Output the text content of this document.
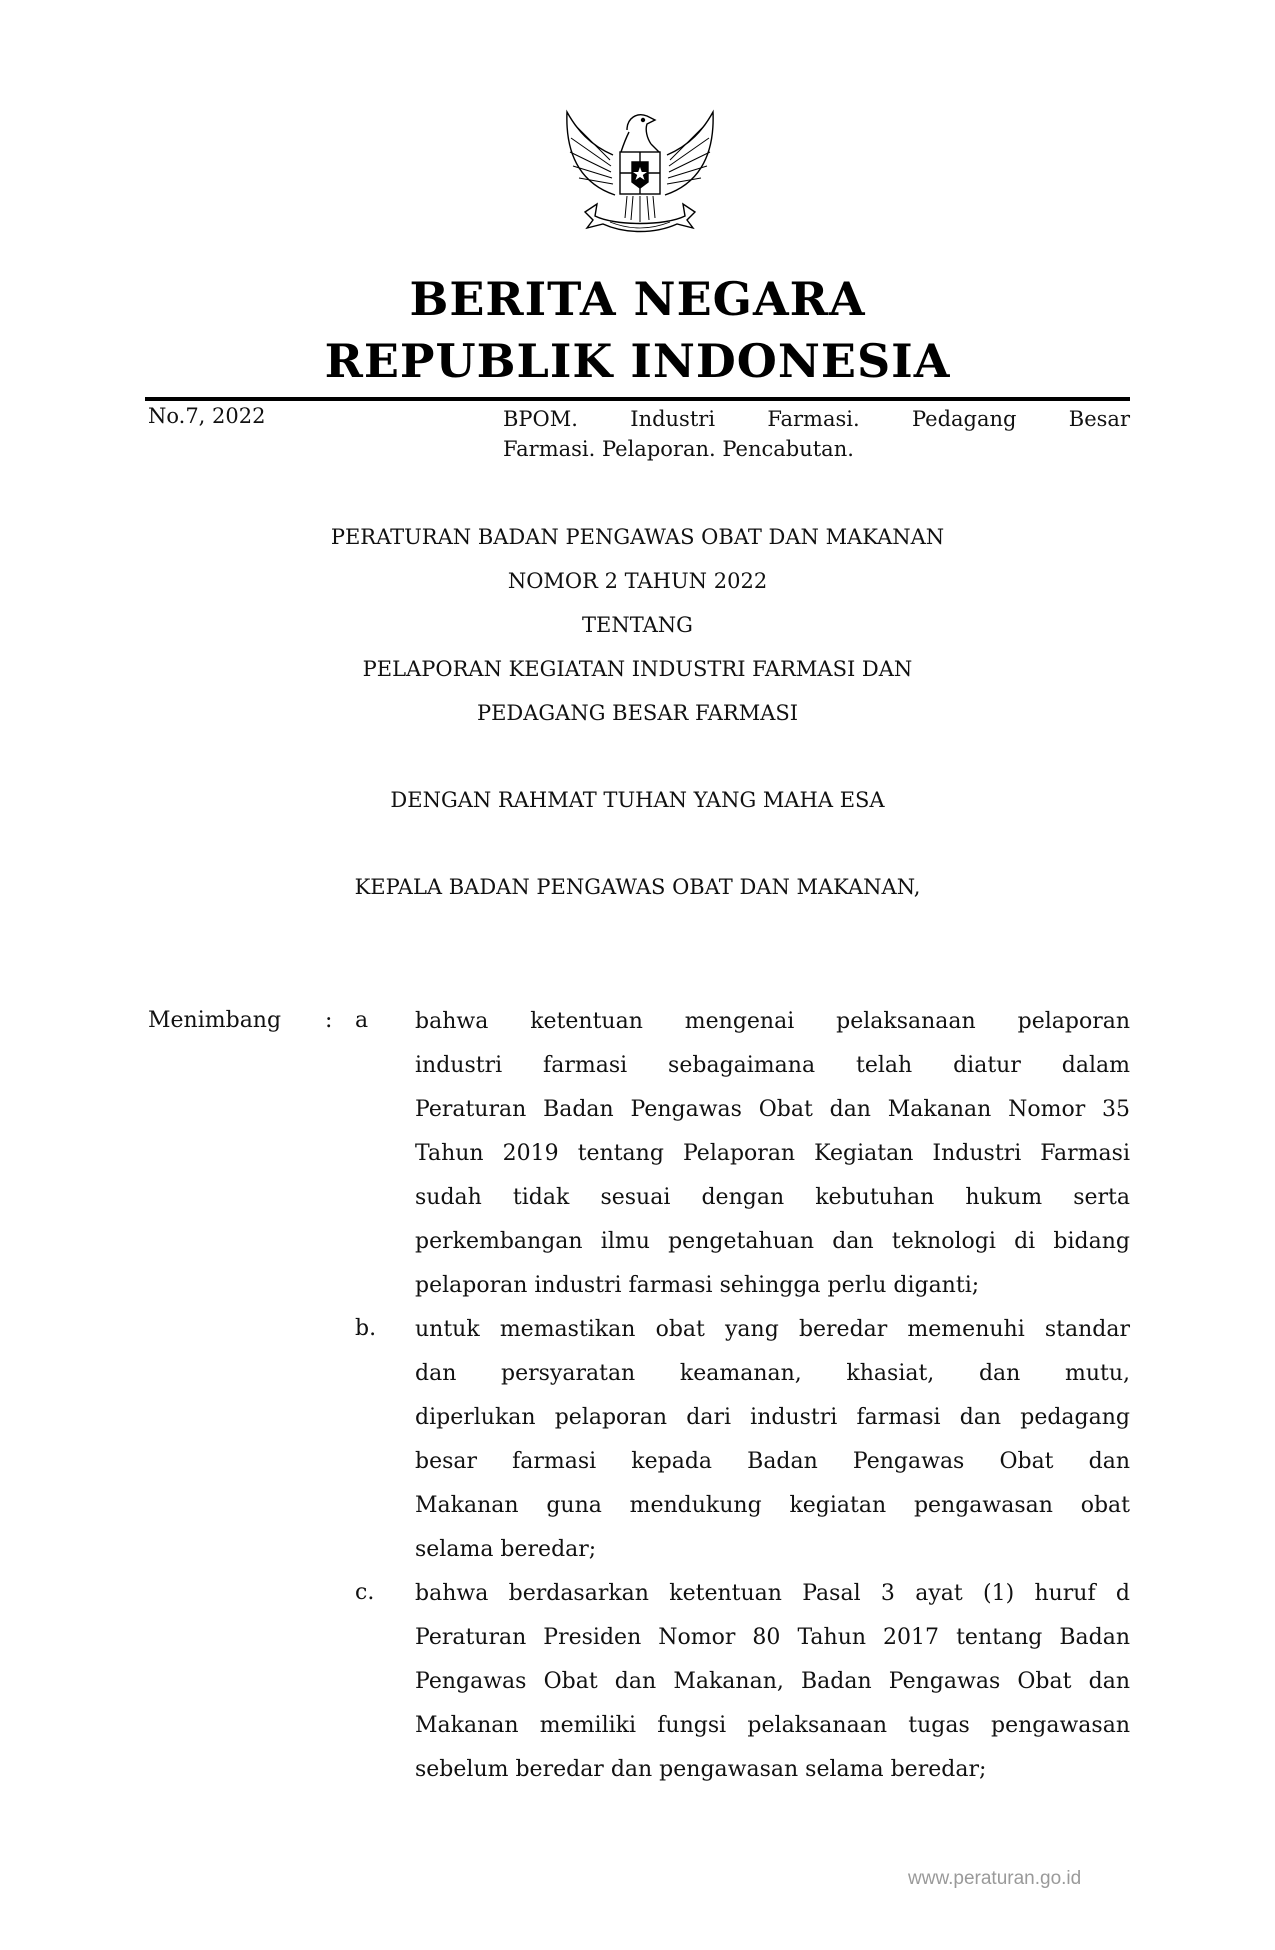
BERITA NEGARA
REPUBLIK INDONESIA
No.7, 2022	BPOM. Industri Farmasi. Pedagang Besar
Farmasi. Pelaporan. Pencabutan.
PERATURAN BADAN PENGAWAS OBAT DAN MAKANAN
NOMOR 2 TAHUN 2022
TENTANG
PELAPORAN KEGIATAN INDUSTRI FARMASI DAN
PEDAGANG BESAR FARMASI
DENGAN RAHMAT TUHAN YANG MAHA ESA
KEPALA BADAN PENGAWAS OBAT DAN MAKANAN,
Menimbang : a bahwa ketentuan mengenai pelaksanaan pelaporan
industri farmasi sebagaimana telah diatur dalam
Peraturan Badan Pengawas Obat dan Makanan Nomor 35
Tahun 2019 tentang Pelaporan Kegiatan Industri Farmasi
sudah tidak sesuai dengan kebutuhan hukum serta
perkembangan ilmu pengetahuan dan teknologi di bidang
pelaporan industri farmasi sehingga perlu diganti;
b. untuk memastikan obat yang beredar memenuhi standar
dan persyaratan keamanan, khasiat, dan mutu,
diperlukan pelaporan dari industri farmasi dan pedagang
besar farmasi kepada Badan Pengawas Obat dan
Makanan guna mendukung kegiatan pengawasan obat
selama beredar;
c. bahwa berdasarkan ketentuan Pasal 3 ayat (1) huruf d
Peraturan Presiden Nomor 80 Tahun 2017 tentang Badan
Pengawas Obat dan Makanan, Badan Pengawas Obat dan
Makanan memiliki fungsi pelaksanaan tugas pengawasan
sebelum beredar dan pengawasan selama beredar;
www.peraturan.go.id
